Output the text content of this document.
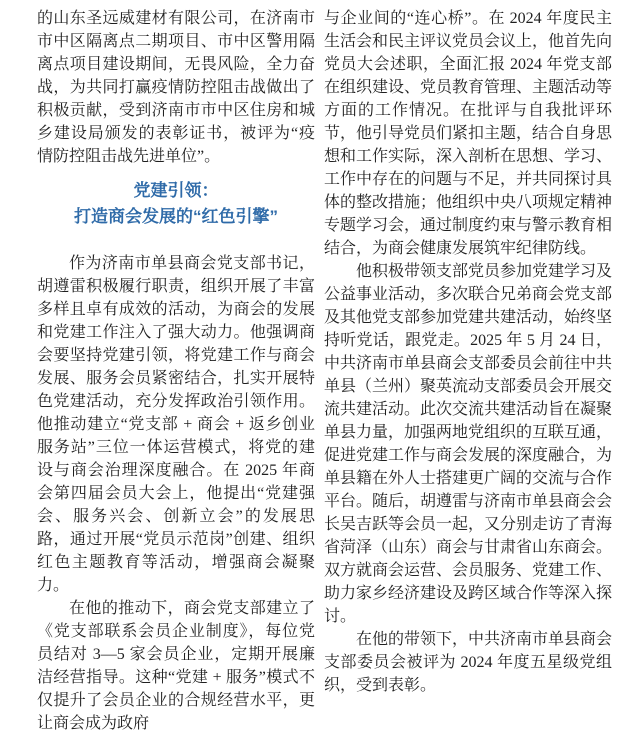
的山东圣远威建材有限公司，在济南市市中区隔离点二期项目、市中区警用隔离点项目建设期间，无畏风险，全力奋战，为共同打赢疫情防控阻击战做出了积极贡献，受到济南市市中区住房和城乡建设局颁发的表彰证书，被评为“疫情防控阻击战先进单位”。

党建引领：
打造商会发展的“红色引擎”

作为济南市单县商会党支部书记，胡遵雷积极履行职责，组织开展了丰富多样且卓有成效的活动，为商会的发展和党建工作注入了强大动力。他强调商会要坚持党建引领，将党建工作与商会发展、服务会员紧密结合，扎实开展特色党建活动，充分发挥政治引领作用。他推动建立“党支部 + 商会 + 返乡创业服务站”三位一体运营模式，将党的建设与商会治理深度融合。在 2025 年商会第四届会员大会上，他提出“党建强会、服务兴会、创新立会”的发展思路，通过开展“党员示范岗”创建、组织红色主题教育等活动，增强商会凝聚力。

在他的推动下，商会党支部建立了《党支部联系会员企业制度》，每位党员结对 3—5 家会员企业，定期开展廉洁经营指导。这种“党建 + 服务”模式不仅提升了会员企业的合规经营水平，更让商会成为政府

与企业间的“连心桥”。在 2024 年度民主生活会和民主评议党员会议上，他首先向党员大会述职，全面汇报 2024 年党支部在组织建设、党员教育管理、主题活动等方面的工作情况。在批评与自我批评环节，他引导党员们紧扣主题，结合自身思想和工作实际，深入剖析在思想、学习、工作中存在的问题与不足，并共同探讨具体的整改措施；他组织中央八项规定精神专题学习会，通过制度约束与警示教育相结合，为商会健康发展筑牢纪律防线。

他积极带领支部党员参加党建学习及公益事业活动，多次联合兄弟商会党支部及其他党支部参加党建共建活动，始终坚持听党话，跟党走。2025 年 5 月 24 日，中共济南市单县商会支部委员会前往中共单县（兰州）聚英流动支部委员会开展交流共建活动。此次交流共建活动旨在凝聚单县力量，加强两地党组织的互联互通，促进党建工作与商会发展的深度融合，为单县籍在外人士搭建更广阔的交流与合作平台。随后，胡遵雷与济南市单县商会会长吴吉跃等会员一起，又分别走访了青海省菏泽（山东）商会与甘肃省山东商会。双方就商会运营、会员服务、党建工作、助力家乡经济建设及跨区域合作等深入探讨。

在他的带领下，中共济南市单县商会支部委员会被评为 2024 年度五星级党组织，受到表彰。
